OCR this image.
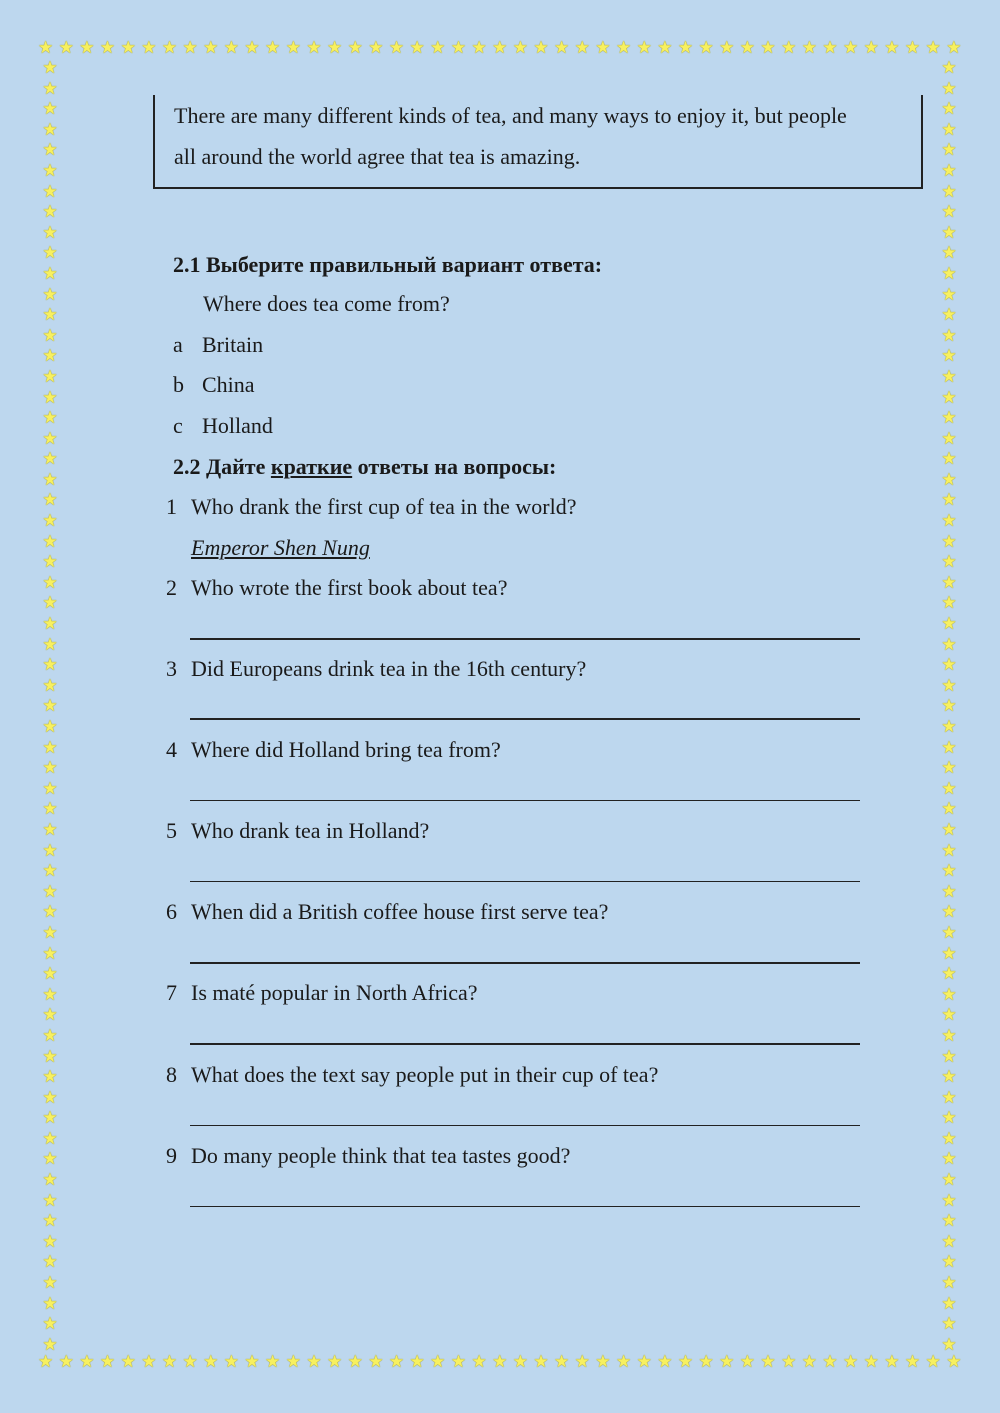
★ ★ ★ ★ ★ ★ ★ ★ ★ ★ ★ ★ ★ ★ ★ ★ ★ ★ ★ ★ ★ ★ ★ ★ ★ ★ ★ ★ ★ ★ ★ ★ ★ ★ ★ ★ ★ ★ ★ ★ ★ ★ ★ ★ ★
★ ★ ★ ★ ★ ★ ★ ★ ★ ★ ★ ★ ★ ★ ★ ★ ★ ★ ★ ★ ★ ★ ★ ★ ★ ★ ★ ★ ★ ★ ★ ★ ★ ★ ★ ★ ★ ★ ★ ★ ★ ★ ★ ★ ★
★
★
★
★
★
★
★
★
★
★
★
★
★
★
★
★
★
★
★
★
★
★
★
★
★
★
★
★
★
★
★
★
★
★
★
★
★
★
★
★
★
★
★
★
★
★
★
★
★
★
★
★
★
★
★
★
★
★
★
★
★
★
★
★
★
★
★
★
★
★
★
★
★
★
★
★
★
★
★
★
★
★
★
★
★
★
★
★
★
★
★
★
★
★
★
★
★
★
★
★
★
★
★
★
★
★
★
★
★
★
★
★
★
★
★
★
★
★
★
★
★
★
★
★
★
★

There are many different kinds of tea, and many ways to enjoy it, but people

all around the world agree that tea is amazing.

2.1 Выберите правильный вариант ответа:
Where does tea come from?
a Britain
b China
c Holland
2.2 Дайте краткие ответы на вопросы:
1 Who drank the first cup of tea in the world?
Emperor Shen Nung
2 Who wrote the first book about tea?
3 Did Europeans drink tea in the 16th century?
4 Where did Holland bring tea from?
5 Who drank tea in Holland?
6 When did a British coffee house first serve tea?
7 Is maté popular in North Africa?
8 What does the text say people put in their cup of tea?
9 Do many people think that tea tastes good?
